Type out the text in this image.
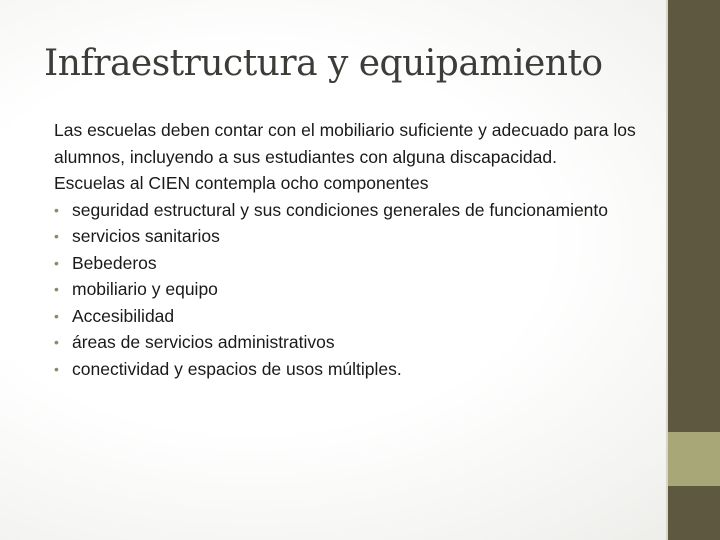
Infraestructura y equipamiento

Las escuelas deben contar con el mobiliario suficiente y adecuado para los alumnos, incluyendo a sus estudiantes con alguna discapacidad.

Escuelas al CIEN contempla ocho componentes

• seguridad estructural y sus condiciones generales de funcionamiento
• servicios sanitarios
• Bebederos
• mobiliario y equipo
• Accesibilidad
• áreas de servicios administrativos
• conectividad y espacios de usos múltiples.
